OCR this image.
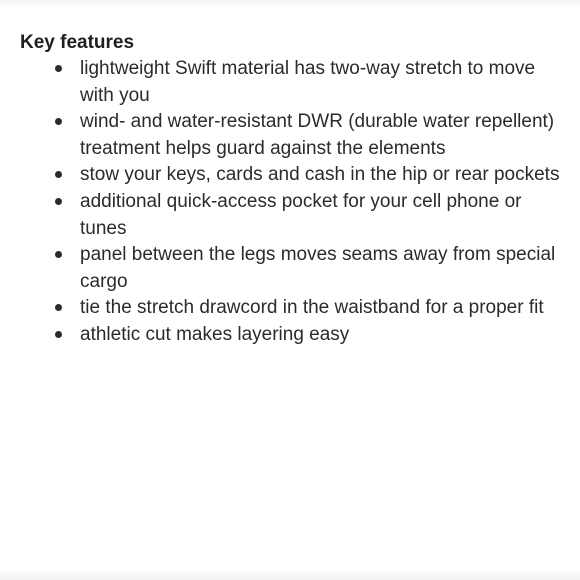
Key features
lightweight Swift material has two-way stretch to move with you
wind- and water-resistant DWR (durable water repellent) treatment helps guard against the elements
stow your keys, cards and cash in the hip or rear pockets
additional quick-access pocket for your cell phone or tunes
panel between the legs moves seams away from special cargo
tie the stretch drawcord in the waistband for a proper fit
athletic cut makes layering easy
